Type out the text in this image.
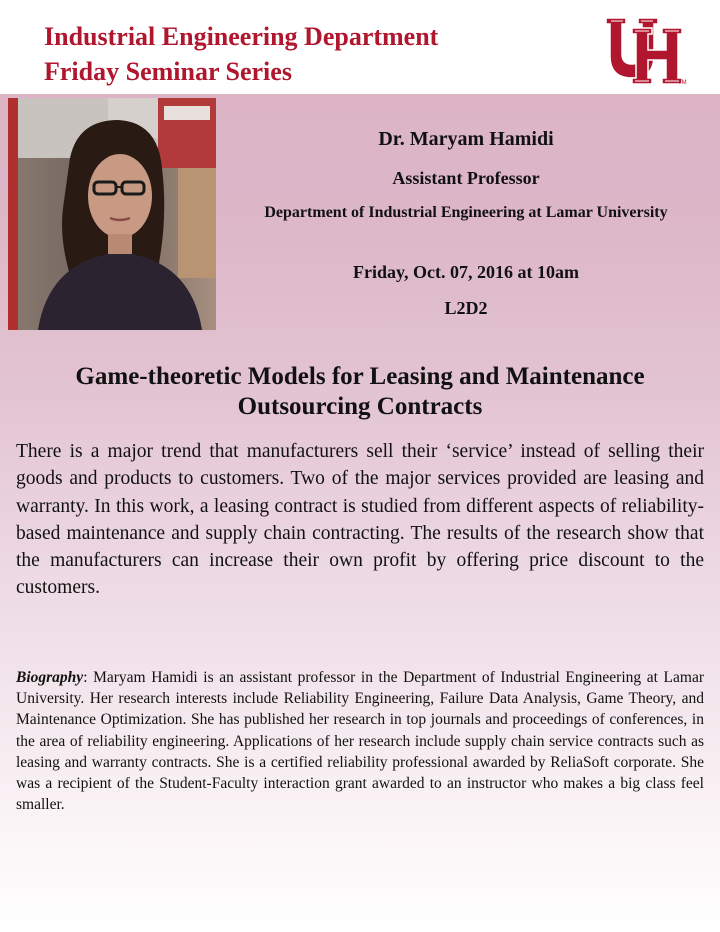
Industrial Engineering Department
Friday Seminar Series	TM
Dr. Maryam Hamidi
Assistant Professor
Department of Industrial Engineering at Lamar University
Friday, Oct. 07, 2016 at 10am
L2D2
Game-theoretic Models for Leasing and Maintenance Outsourcing Contracts
There is a major trend that manufacturers sell their ‘service’ instead of selling their goods and products to customers. Two of the major services provided are leasing and warranty. In this work, a leasing contract is studied from different aspects of reliability-based maintenance and supply chain contracting. The results of the research show that the manufacturers can increase their own profit by offering price discount to the customers.
Biography: Maryam Hamidi is an assistant professor in the Department of Industrial Engineering at Lamar University. Her research interests include Reliability Engineering, Failure Data Analysis, Game Theory, and Maintenance Optimization. She has published her research in top journals and proceedings of conferences, in the area of reliability engineering. Applications of her research include supply chain service contracts such as leasing and warranty contracts. She is a certified reliability professional awarded by ReliaSoft corporate. She was a recipient of the Student-Faculty interaction grant awarded to an instructor who makes a big class feel smaller.
